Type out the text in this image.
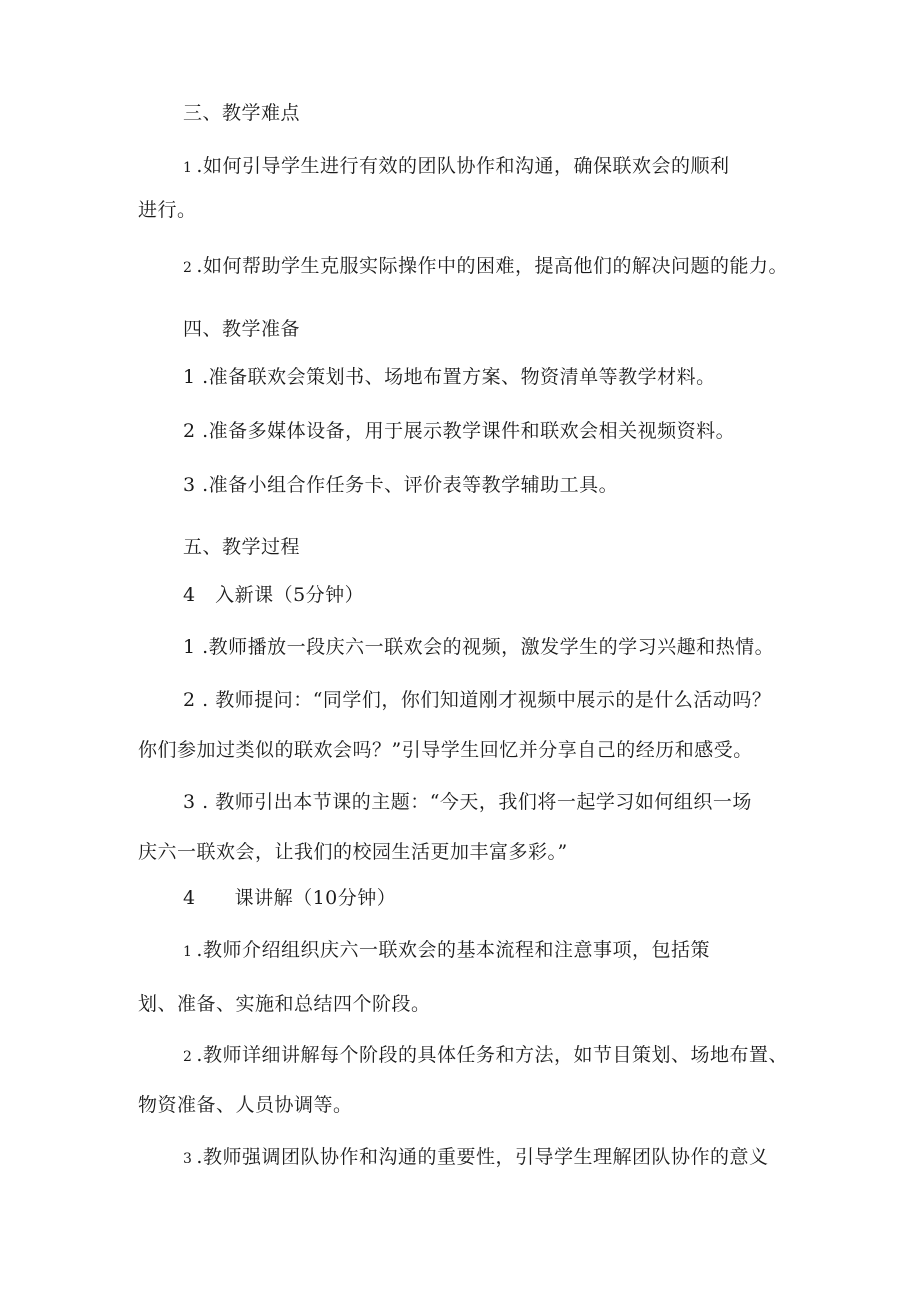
三、教学难点
1 .如何引导学生进行有效的团队协作和沟通，确保联欢会的顺利
进行。
2 .如何帮助学生克服实际操作中的困难，提高他们的解决问题的能力。
四、教学准备
1 .准备联欢会策划书、场地布置方案、物资清单等教学材料。
2 .准备多媒体设备，用于展示教学课件和联欢会相关视频资料。
3 .准备小组合作任务卡、评价表等教学辅助工具。
五、教学过程
4　入新课（5分钟）
1 .教师播放一段庆六一联欢会的视频，激发学生的学习兴趣和热情。
2 . 教师提问：“同学们，你们知道刚才视频中展示的是什么活动吗？
你们参加过类似的联欢会吗？”引导学生回忆并分享自己的经历和感受。
3 . 教师引出本节课的主题：“今天，我们将一起学习如何组织一场
庆六一联欢会，让我们的校园生活更加丰富多彩。”
4　　课讲解（10分钟）
1 .教师介绍组织庆六一联欢会的基本流程和注意事项，包括策
划、准备、实施和总结四个阶段。
2 .教师详细讲解每个阶段的具体任务和方法，如节目策划、场地布置、
物资准备、人员协调等。
3 .教师强调团队协作和沟通的重要性，引导学生理解团队协作的意义
